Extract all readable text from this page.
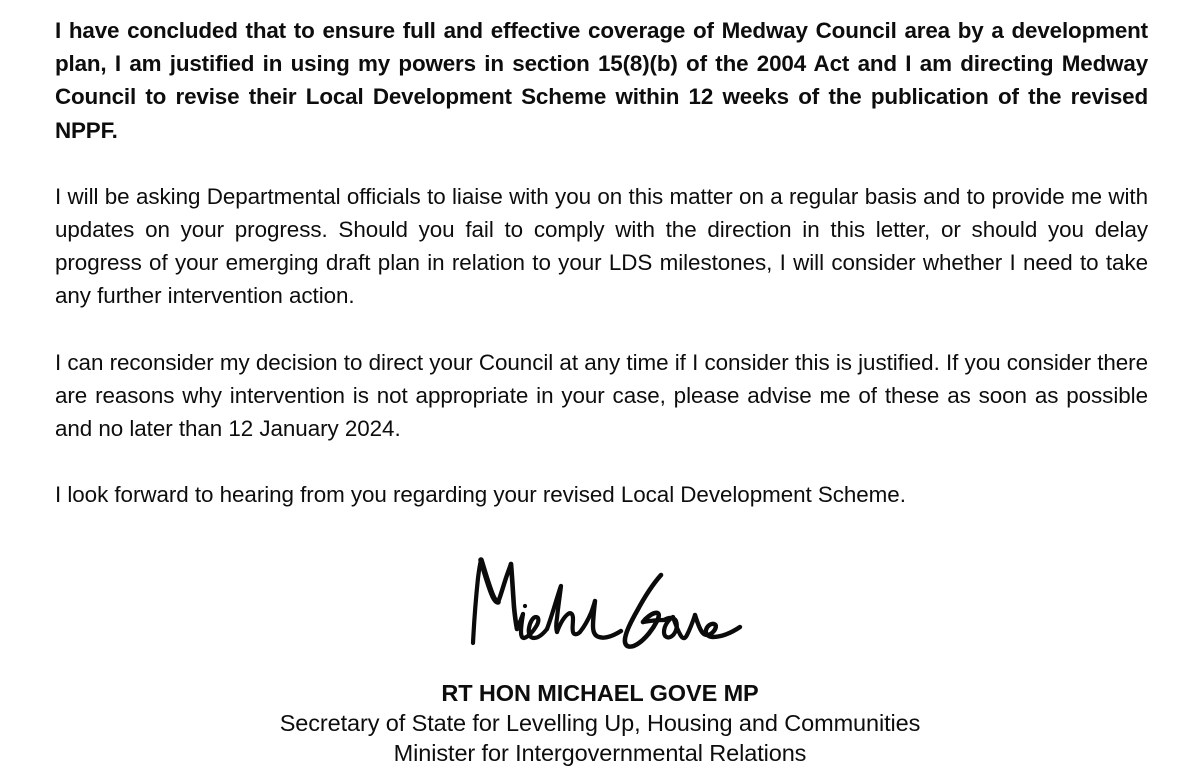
I have concluded that to ensure full and effective coverage of Medway Council area by a development plan, I am justified in using my powers in section 15(8)(b) of the 2004 Act and I am directing Medway Council to revise their Local Development Scheme within 12 weeks of the publication of the revised NPPF.

I will be asking Departmental officials to liaise with you on this matter on a regular basis and to provide me with updates on your progress. Should you fail to comply with the direction in this letter, or should you delay progress of your emerging draft plan in relation to your LDS milestones, I will consider whether I need to take any further intervention action.

I can reconsider my decision to direct your Council at any time if I consider this is justified. If you consider there are reasons why intervention is not appropriate in your case, please advise me of these as soon as possible and no later than 12 January 2024.

I look forward to hearing from you regarding your revised Local Development Scheme.

RT HON MICHAEL GOVE MP
Secretary of State for Levelling Up, Housing and Communities
Minister for Intergovernmental Relations
